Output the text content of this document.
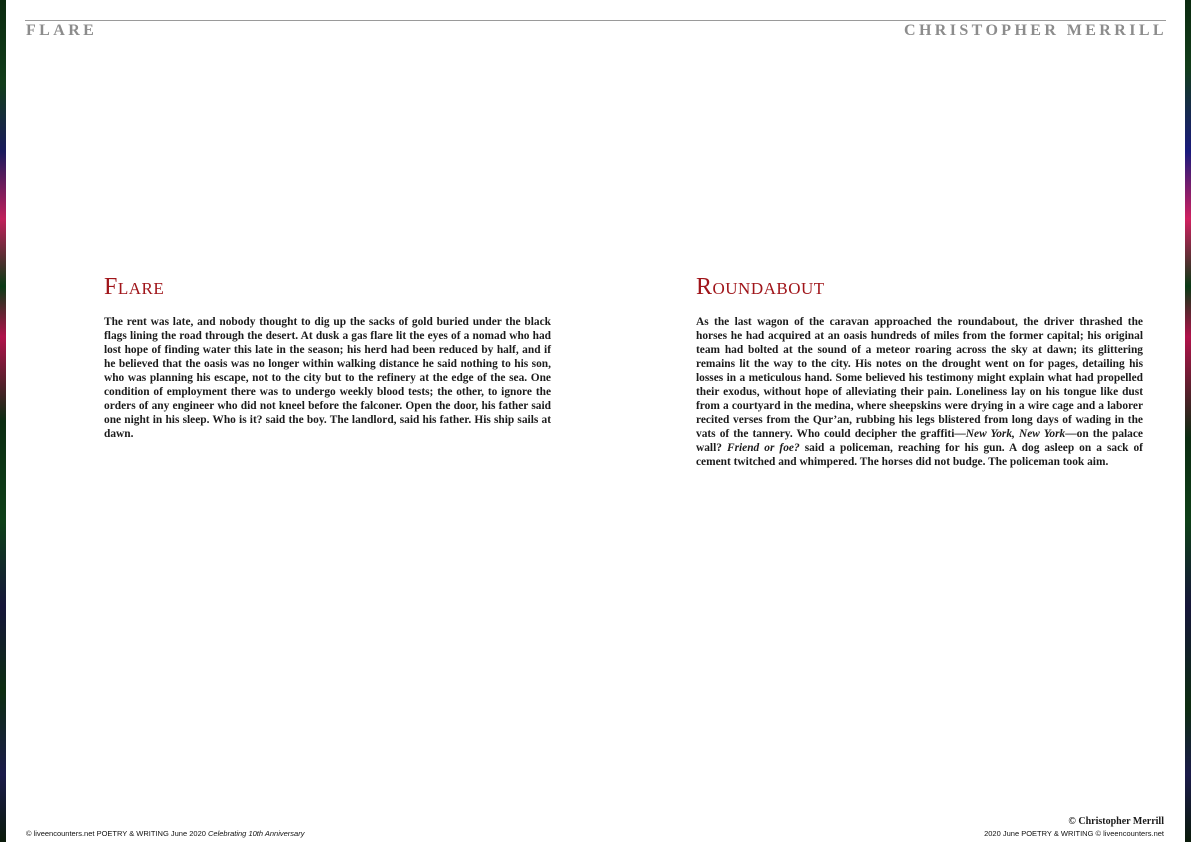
FLARE	CHRISTOPHER MERRILL
Flare
The rent was late, and nobody thought to dig up the sacks of gold buried under the black flags lining the road through the desert. At dusk a gas flare lit the eyes of a nomad who had lost hope of finding water this late in the season; his herd had been reduced by half, and if he believed that the oasis was no longer within walking distance he said nothing to his son, who was planning his escape, not to the city but to the refinery at the edge of the sea. One condition of employment there was to undergo weekly blood tests; the other, to ignore the orders of any engineer who did not kneel before the falconer. Open the door, his father said one night in his sleep. Who is it? said the boy. The landlord, said his father. His ship sails at dawn.
Roundabout
As the last wagon of the caravan approached the roundabout, the driver thrashed the horses he had acquired at an oasis hundreds of miles from the former capital; his original team had bolted at the sound of a meteor roaring across the sky at dawn; its glittering remains lit the way to the city. His notes on the drought went on for pages, detailing his losses in a meticulous hand. Some believed his testimony might explain what had propelled their exodus, without hope of alleviating their pain. Loneliness lay on his tongue like dust from a courtyard in the medina, where sheepskins were drying in a wire cage and a laborer recited verses from the Qur’an, rubbing his legs blistered from long days of wading in the vats of the tannery. Who could decipher the graffiti—New York, New York—on the palace wall? Friend or foe? said a policeman, reaching for his gun. A dog asleep on a sack of cement twitched and whimpered. The horses did not budge. The policeman took aim.
© liveencounters.net POETRY & WRITING June 2020 Celebrating 10th Anniversary
© Christopher Merrill
2020 June POETRY & WRITING © liveencounters.net
